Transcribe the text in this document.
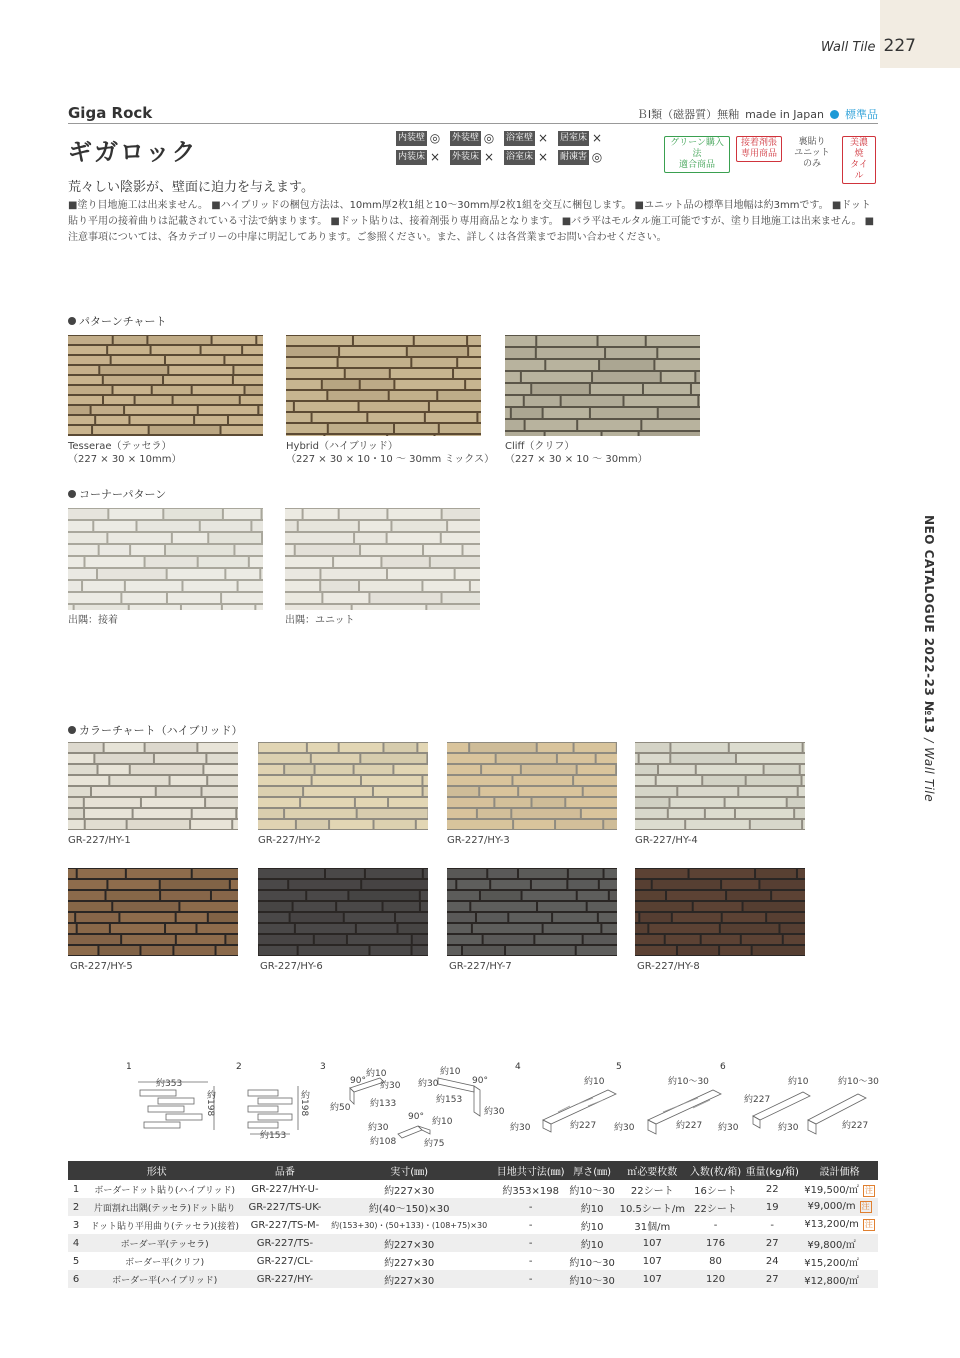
Wall Tile 227
NEO CATALOGUE 2022-23 №13 / Wall Tile
Giga Rock	ＢⅠ類（磁器質）無釉 made in Japan 標準品
ギガロック	内装壁 ◎	外装壁 ◎	浴室壁 ×	居室床 ×
内装床 ×	外装床 ×	浴室床 ×	耐凍害 ◎
グリーン購入法
適合商品
接着剤張
専用商品
裏貼り
ユニットのみ
美濃焼
タイル
荒々しい陰影が、壁面に迫力を与えます。
■塗り目地施工は出来ません。 ■ハイブリッドの梱包方法は、10mm厚2枚1組と10〜30mm厚2枚1組を交互に梱包します。 ■ユニット品の標準目地幅は約3mmです。 ■ドット貼り平用の接着曲りは記載されている寸法で納まります。 ■ドット貼りは、接着剤張り専用商品となります。 ■バラ平はモルタル施工可能ですが、塗り目地施工は出来ません。 ■注意事項については、各カテゴリーの中扉に明記してあります。ご参照ください。また、詳しくは各営業までお問い合わせください。
パターンチャート
Tesserae（テッセラ）
（227 × 30 × 10mm）
Hybrid（ハイブリッド）
（227 × 30 × 10・10 〜 30mm ミックス）
Cliff（クリフ）
（227 × 30 × 10 〜 30mm）
コーナーパターン
出隅：接着	出隅：ユニット
カラーチャート（ハイブリッド）
GR-227/HY-1	GR-227/HY-2	GR-227/HY-3	GR-227/HY-4
GR-227/HY-5	GR-227/HY-6	GR-227/HY-7	GR-227/HY-8
1	2	3	4	5	6
約353
約198
約153
約198
約10
90° 約30
約50 約133
約10
約30	90°
約153
約30
90° 約10
約30
約108	約75
約10
約30	約227
約10〜30
約30	約227
約10	約10〜30
約227
約30	約30	約227
形状		品番	実寸(㎜)	目地共寸法(㎜)	厚さ(㎜)	㎡必要枚数	入数(枚/箱)	重量(kg/箱)	設計価格
1	ボーダードット貼り(ハイブリッド)	GR-227/HY-U-	約227×30	約353×198	約10〜30	22シート	16シート	22	¥19,500/㎡ 注
2	片面割れ出隅(テッセラ)ドット貼り	GR-227/TS-UK-	約(40〜150)×30	-	約10	10.5シート/m	22シート	19	¥9,000/m 注
3	ドット貼り平用曲り(テッセラ)(接着)	GR-227/TS-M-	約(153+30)・(50+133)・(108+75)×30	-	約10	31個/m	-	-	¥13,200/m 注
4	ボーダー平(テッセラ)	GR-227/TS-	約227×30	-	約10	107	176	27	¥9,800/㎡
5	ボーダー平(クリフ)	GR-227/CL-	約227×30	-	約10〜30	107	80	24	¥15,200/㎡
6	ボーダー平(ハイブリッド)	GR-227/HY-	約227×30	-	約10〜30	107	120	27	¥12,800/㎡
